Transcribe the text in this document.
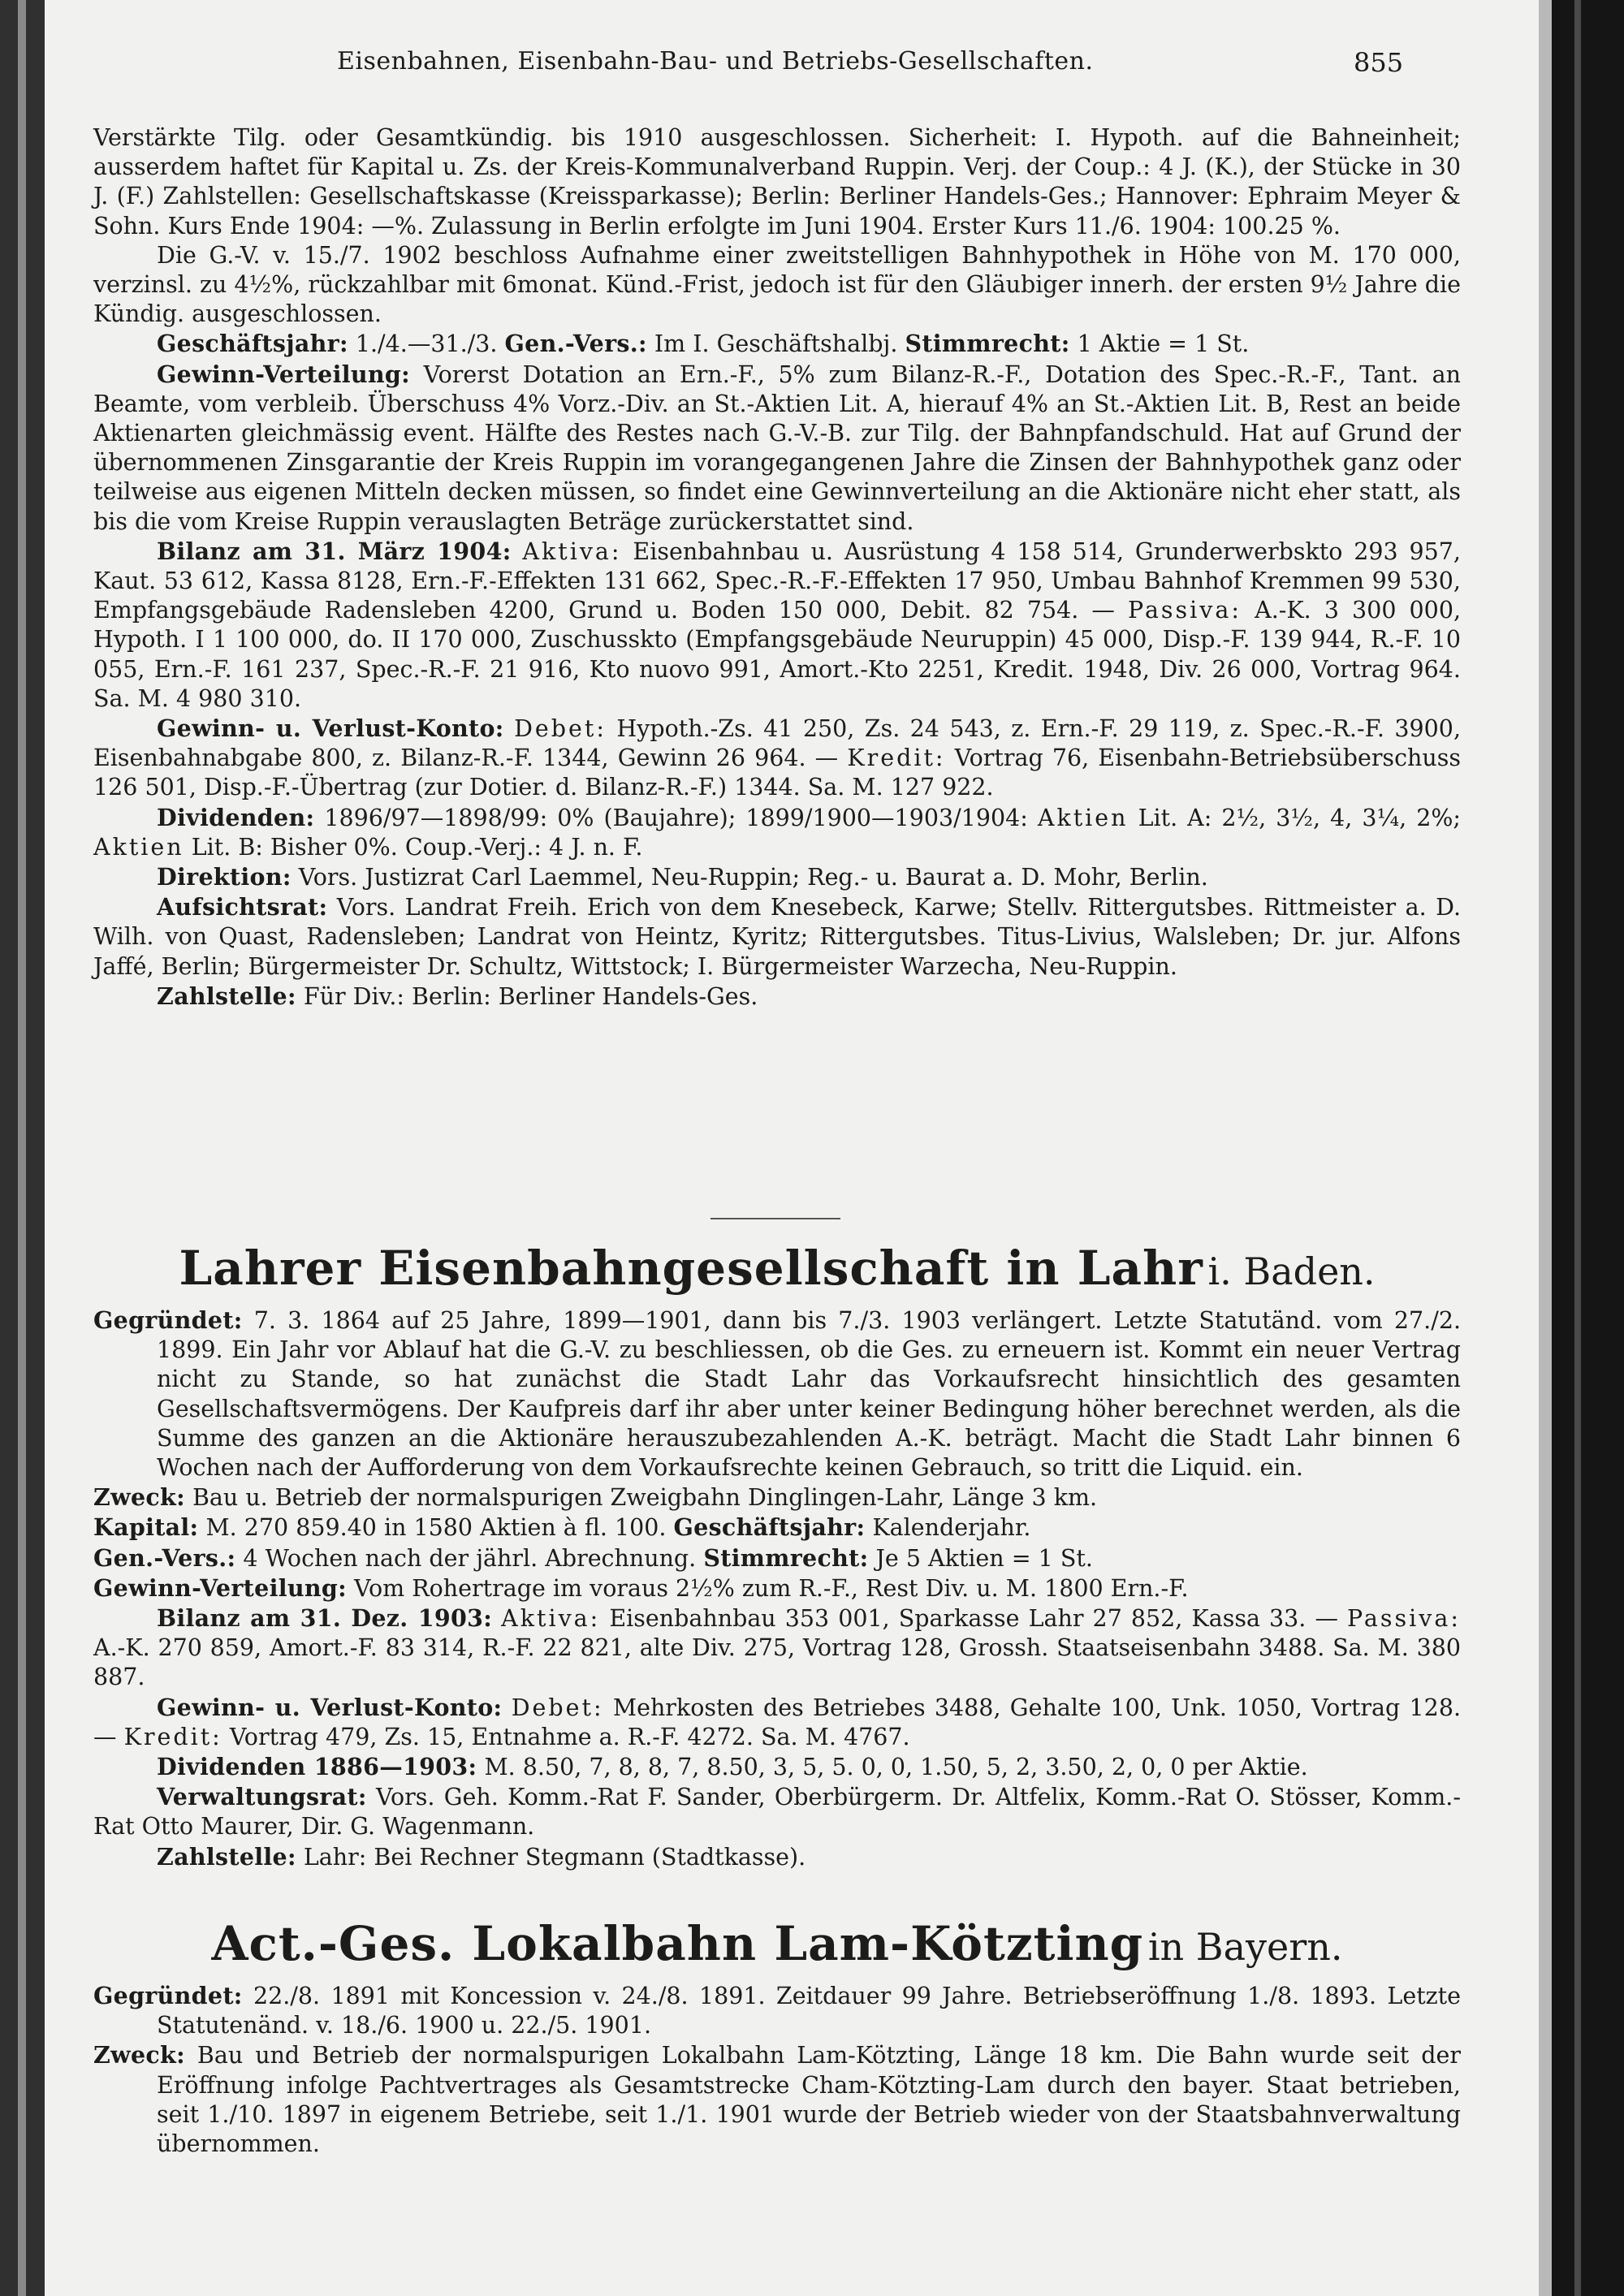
Eisenbahnen, Eisenbahn-Bau- und Betriebs-Gesellschaften.	855

Verstärkte Tilg. oder Gesamtkündig. bis 1910 ausgeschlossen. Sicherheit: I. Hypoth. auf die Bahneinheit; ausserdem haftet für Kapital u. Zs. der Kreis-Kommunalverband Ruppin. Verj. der Coup.: 4 J. (K.), der Stücke in 30 J. (F.) Zahlstellen: Gesellschaftskasse (Kreissparkasse); Berlin: Berliner Handels-Ges.; Hannover: Ephraim Meyer & Sohn. Kurs Ende 1904: —%. Zulassung in Berlin erfolgte im Juni 1904. Erster Kurs 11./6. 1904: 100.25 %.

Die G.-V. v. 15./7. 1902 beschloss Aufnahme einer zweitstelligen Bahnhypothek in Höhe von M. 170 000, verzinsl. zu 4½%, rückzahlbar mit 6monat. Künd.-Frist, jedoch ist für den Gläubiger innerh. der ersten 9½ Jahre die Kündig. ausgeschlossen.

Geschäftsjahr: 1./4.—31./3. Gen.-Vers.: Im I. Geschäftshalbj. Stimmrecht: 1 Aktie = 1 St.

Gewinn-Verteilung: Vorerst Dotation an Ern.-F., 5% zum Bilanz-R.-F., Dotation des Spec.-R.-F., Tant. an Beamte, vom verbleib. Überschuss 4% Vorz.-Div. an St.-Aktien Lit. A, hierauf 4% an St.-Aktien Lit. B, Rest an beide Aktienarten gleichmässig event. Hälfte des Restes nach G.-V.-B. zur Tilg. der Bahnpfandschuld. Hat auf Grund der übernommenen Zinsgarantie der Kreis Ruppin im vorangegangenen Jahre die Zinsen der Bahnhypothek ganz oder teilweise aus eigenen Mitteln decken müssen, so findet eine Gewinnverteilung an die Aktionäre nicht eher statt, als bis die vom Kreise Ruppin verauslagten Beträge zurückerstattet sind.

Bilanz am 31. März 1904: Aktiva: Eisenbahnbau u. Ausrüstung 4 158 514, Grunderwerbskto 293 957, Kaut. 53 612, Kassa 8128, Ern.-F.-Effekten 131 662, Spec.-R.-F.-Effekten 17 950, Umbau Bahnhof Kremmen 99 530, Empfangsgebäude Radensleben 4200, Grund u. Boden 150 000, Debit. 82 754. — Passiva: A.-K. 3 300 000, Hypoth. I 1 100 000, do. II 170 000, Zuschusskto (Empfangsgebäude Neuruppin) 45 000, Disp.-F. 139 944, R.-F. 10 055, Ern.-F. 161 237, Spec.-R.-F. 21 916, Kto nuovo 991, Amort.-Kto 2251, Kredit. 1948, Div. 26 000, Vortrag 964. Sa. M. 4 980 310.

Gewinn- u. Verlust-Konto: Debet: Hypoth.-Zs. 41 250, Zs. 24 543, z. Ern.-F. 29 119, z. Spec.-R.-F. 3900, Eisenbahnabgabe 800, z. Bilanz-R.-F. 1344, Gewinn 26 964. — Kredit: Vortrag 76, Eisenbahn-Betriebsüberschuss 126 501, Disp.-F.-Übertrag (zur Dotier. d. Bilanz-R.-F.) 1344. Sa. M. 127 922.

Dividenden: 1896/97—1898/99: 0% (Baujahre); 1899/1900—1903/1904: Aktien Lit. A: 2½, 3½, 4, 3¼, 2%; Aktien Lit. B: Bisher 0%. Coup.-Verj.: 4 J. n. F.

Direktion: Vors. Justizrat Carl Laemmel, Neu-Ruppin; Reg.- u. Baurat a. D. Mohr, Berlin.

Aufsichtsrat: Vors. Landrat Freih. Erich von dem Knesebeck, Karwe; Stellv. Rittergutsbes. Rittmeister a. D. Wilh. von Quast, Radensleben; Landrat von Heintz, Kyritz; Rittergutsbes. Titus-Livius, Walsleben; Dr. jur. Alfons Jaffé, Berlin; Bürgermeister Dr. Schultz, Wittstock; I. Bürgermeister Warzecha, Neu-Ruppin.

Zahlstelle: Für Div.: Berlin: Berliner Handels-Ges.

Lahrer Eisenbahngesellschaft in Lahr i. Baden.

Gegründet: 7. 3. 1864 auf 25 Jahre, 1899—1901, dann bis 7./3. 1903 verlängert. Letzte Statutänd. vom 27./2. 1899. Ein Jahr vor Ablauf hat die G.-V. zu beschliessen, ob die Ges. zu erneuern ist. Kommt ein neuer Vertrag nicht zu Stande, so hat zunächst die Stadt Lahr das Vorkaufsrecht hinsichtlich des gesamten Gesellschaftsvermögens. Der Kaufpreis darf ihr aber unter keiner Bedingung höher berechnet werden, als die Summe des ganzen an die Aktionäre herauszubezahlenden A.-K. beträgt. Macht die Stadt Lahr binnen 6 Wochen nach der Aufforderung von dem Vorkaufsrechte keinen Gebrauch, so tritt die Liquid. ein.

Zweck: Bau u. Betrieb der normalspurigen Zweigbahn Dinglingen-Lahr, Länge 3 km.

Kapital: M. 270 859.40 in 1580 Aktien à fl. 100. Geschäftsjahr: Kalenderjahr.

Gen.-Vers.: 4 Wochen nach der jährl. Abrechnung. Stimmrecht: Je 5 Aktien = 1 St.

Gewinn-Verteilung: Vom Rohertrage im voraus 2½% zum R.-F., Rest Div. u. M. 1800 Ern.-F.

Bilanz am 31. Dez. 1903: Aktiva: Eisenbahnbau 353 001, Sparkasse Lahr 27 852, Kassa 33. — Passiva: A.-K. 270 859, Amort.-F. 83 314, R.-F. 22 821, alte Div. 275, Vortrag 128, Grossh. Staatseisenbahn 3488. Sa. M. 380 887.

Gewinn- u. Verlust-Konto: Debet: Mehrkosten des Betriebes 3488, Gehalte 100, Unk. 1050, Vortrag 128. — Kredit: Vortrag 479, Zs. 15, Entnahme a. R.-F. 4272. Sa. M. 4767.

Dividenden 1886—1903: M. 8.50, 7, 8, 8, 7, 8.50, 3, 5, 5. 0, 0, 1.50, 5, 2, 3.50, 2, 0, 0 per Aktie.

Verwaltungsrat: Vors. Geh. Komm.-Rat F. Sander, Oberbürgerm. Dr. Altfelix, Komm.-Rat O. Stösser, Komm.-Rat Otto Maurer, Dir. G. Wagenmann.

Zahlstelle: Lahr: Bei Rechner Stegmann (Stadtkasse).

Act.-Ges. Lokalbahn Lam-Kötzting in Bayern.

Gegründet: 22./8. 1891 mit Koncession v. 24./8. 1891. Zeitdauer 99 Jahre. Betriebseröffnung 1./8. 1893. Letzte Statutenänd. v. 18./6. 1900 u. 22./5. 1901.

Zweck: Bau und Betrieb der normalspurigen Lokalbahn Lam-Kötzting, Länge 18 km. Die Bahn wurde seit der Eröffnung infolge Pachtvertrages als Gesamtstrecke Cham-Kötzting-Lam durch den bayer. Staat betrieben, seit 1./10. 1897 in eigenem Betriebe, seit 1./1. 1901 wurde der Betrieb wieder von der Staatsbahnverwaltung übernommen.
